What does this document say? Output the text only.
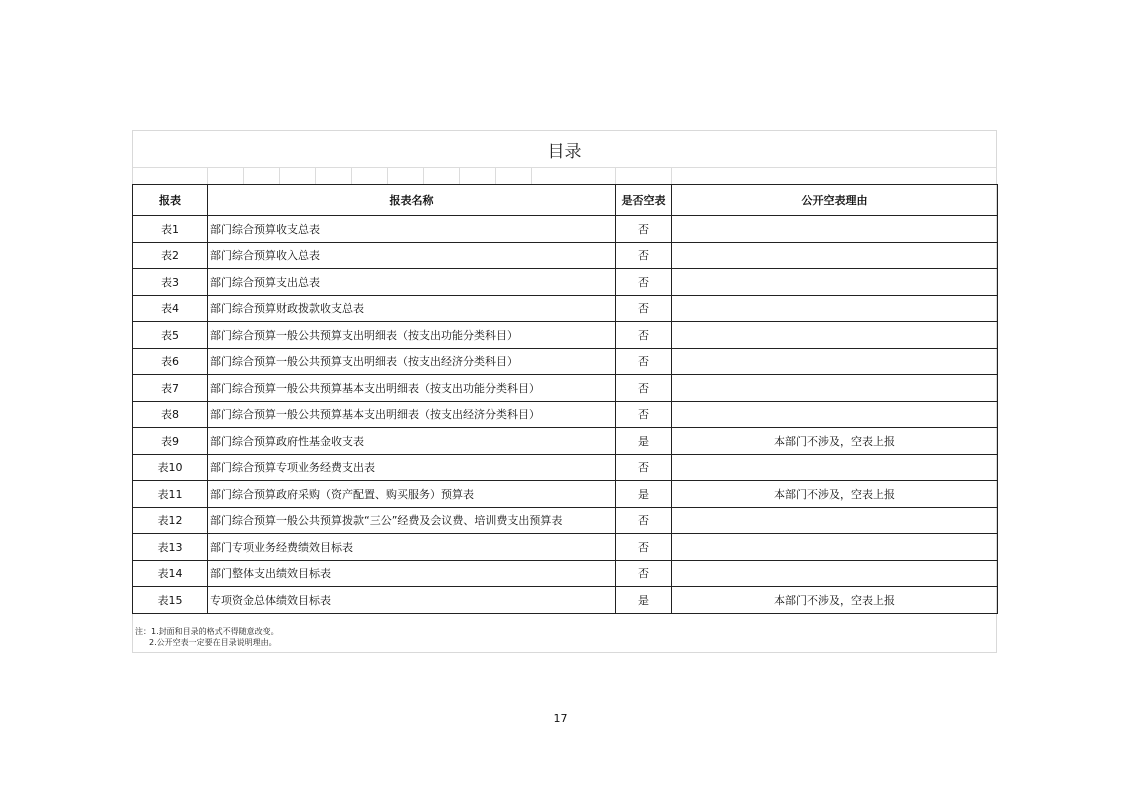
目录
报表	报表名称	是否空表	公开空表理由
表1	部门综合预算收支总表	否	
表2	部门综合预算收入总表	否	
表3	部门综合预算支出总表	否	
表4	部门综合预算财政拨款收支总表	否	
表5	部门综合预算一般公共预算支出明细表（按支出功能分类科目）	否	
表6	部门综合预算一般公共预算支出明细表（按支出经济分类科目）	否	
表7	部门综合预算一般公共预算基本支出明细表（按支出功能分类科目）	否	
表8	部门综合预算一般公共预算基本支出明细表（按支出经济分类科目）	否	
表9	部门综合预算政府性基金收支表	是	本部门不涉及，空表上报
表10	部门综合预算专项业务经费支出表	否	
表11	部门综合预算政府采购（资产配置、购买服务）预算表	是	本部门不涉及，空表上报
表12	部门综合预算一般公共预算拨款“三公”经费及会议费、培训费支出预算表	否	
表13	部门专项业务经费绩效目标表	否	
表14	部门整体支出绩效目标表	否	
表15	专项资金总体绩效目标表	是	本部门不涉及，空表上报
注：1.封面和目录的格式不得随意改变。
2.公开空表一定要在目录说明理由。
17
